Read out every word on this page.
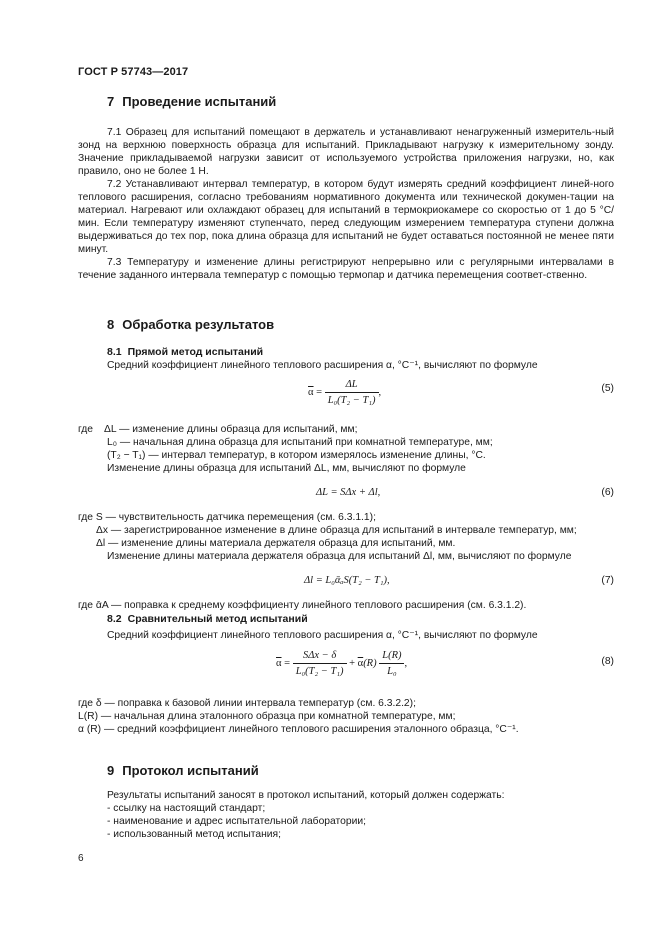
ГОСТ Р 57743—2017
7 Проведение испытаний

7.1 Образец для испытаний помещают в держатель и устанавливают ненагруженный измеритель-ный зонд на верхнюю поверхность образца для испытаний. Прикладывают нагрузку к измерительному зонду. Значение прикладываемой нагрузки зависит от используемого устройства приложения нагрузки, но, как правило, оно не более 1 Н.

7.2 Устанавливают интервал температур, в котором будут измерять средний коэффициент линей-ного теплового расширения, согласно требованиям нормативного документа или технической докумен-тации на материал. Нагревают или охлаждают образец для испытаний в термокриокамере со скоростью от 1 до 5 °С/мин. Если температуру изменяют ступенчато, перед следующим измерением температура ступени должна выдерживаться до тех пор, пока длина образца для испытаний не будет оставаться постоянной не менее пяти минут.

7.3 Температуру и изменение длины регистрируют непрерывно или с регулярными интервалами в течение заданного интервала температур с помощью термопар и датчика перемещения соответ-ственно.

8 Обработка результатов
8.1 Прямой метод испытаний
Средний коэффициент линейного теплового расширения α, °С⁻¹, вычисляют по формуле
$\overline{\alpha} = \frac{\Delta L}{\text{L₀(T₂ − T₁)}}$ ,	(5)
где ΔL — изменение длины образца для испытаний, мм;
L₀ — начальная длина образца для испытаний при комнатной температуре, мм;
(T₂ − T₁) — интервал температур, в котором измерялось изменение длины, °С.
Изменение длины образца для испытаний ΔL, мм, вычисляют по формуле
ΔL = SΔx + Δl,	(6)
где S — чувствительность датчика перемещения (см. 6.3.1.1);
Δx — зарегистрированное изменение в длине образца для испытаний в интервале температур, мм;
Δl — изменение длины материала держателя образца для испытаний, мм.
Изменение длины материала держателя образца для испытаний Δl, мм, вычисляют по формуле
Δl = L₀ᾱₐS(T₂ − T₁),	(7)
где ᾱA — поправка к среднему коэффициенту линейного теплового расширения (см. 6.3.1.2).
8.2 Сравнительный метод испытаний
Средний коэффициент линейного теплового расширения α, °С⁻¹, вычисляют по формуле
$\overline{\alpha} = \frac{\text{SΔx − δ}}{\text{L₀(T₂ − T₁)}} + \overline{\alpha}(R) \frac{L(R)}{\text{L₀}}$ ,	(8)
где δ — поправка к базовой линии интервала температур (см. 6.3.2.2);
L(R) — начальная длина эталонного образца при комнатной температуре, мм;
α (R) — средний коэффициент линейного теплового расширения эталонного образца, °С⁻¹.
9 Протокол испытаний
Результаты испытаний заносят в протокол испытаний, который должен содержать:
- ссылку на настоящий стандарт;
- наименование и адрес испытательной лаборатории;
- использованный метод испытания;
6
